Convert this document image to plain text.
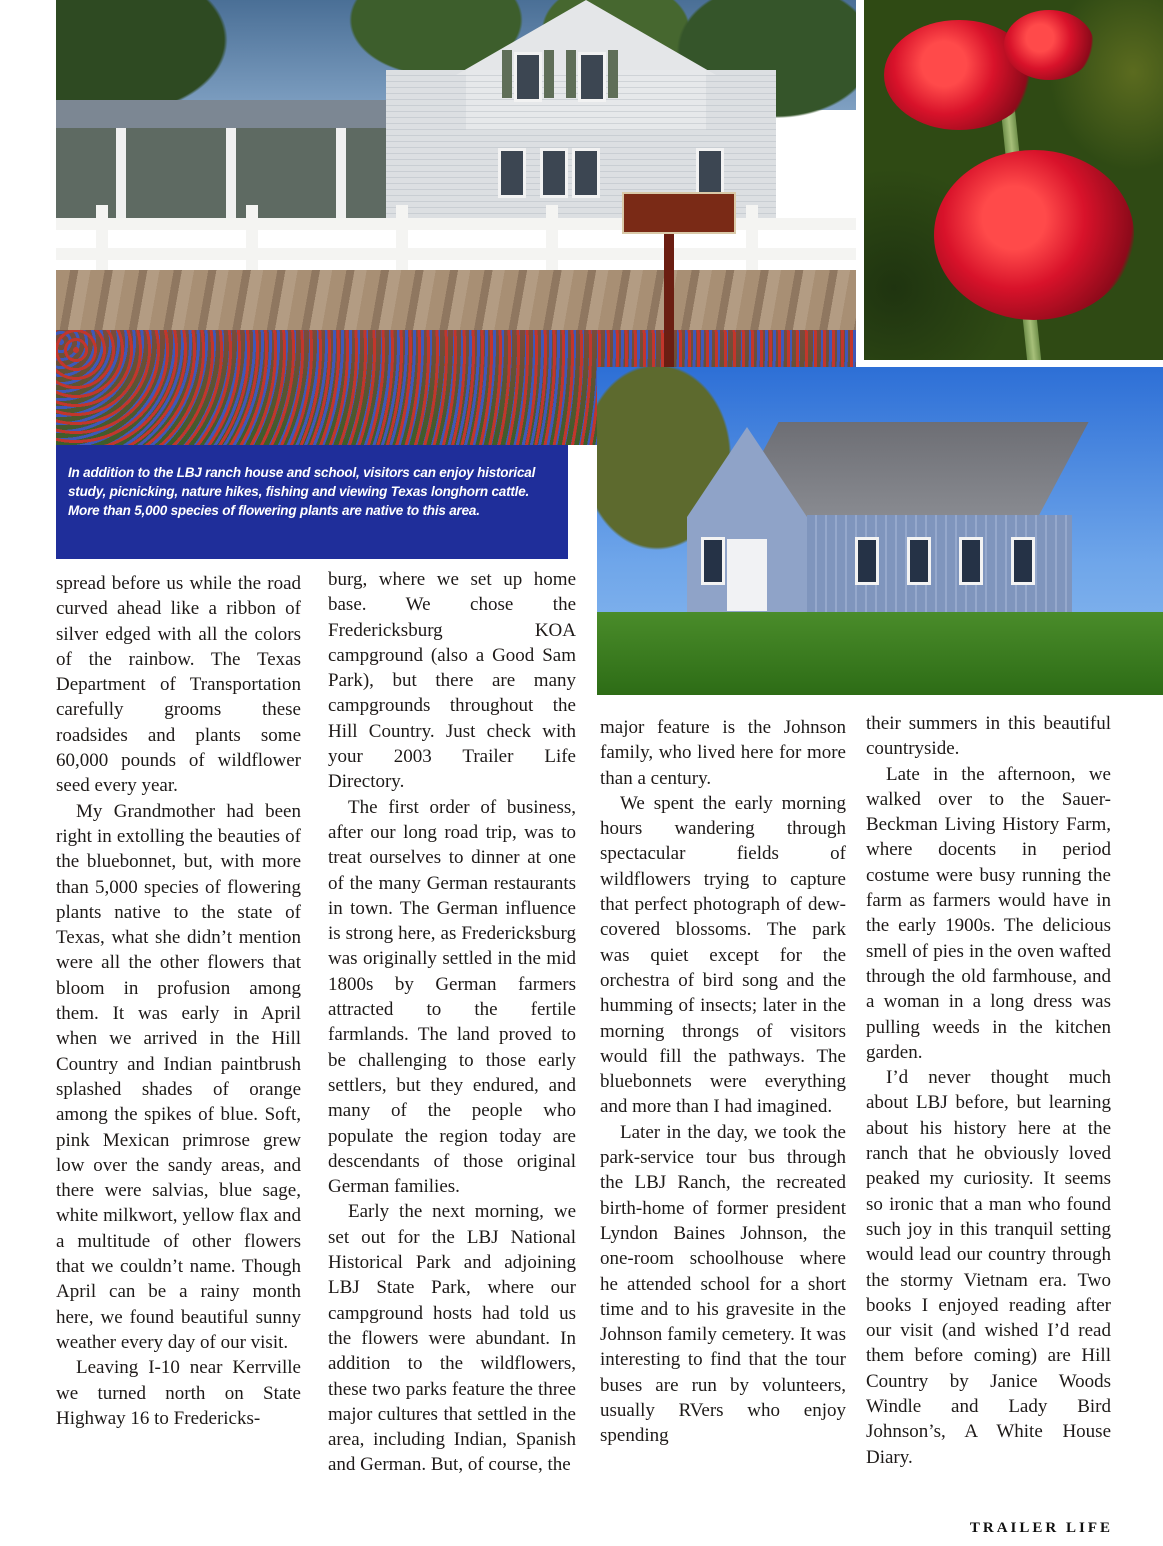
In addition to the LBJ ranch house and school, visitors can enjoy historical study, picnicking, nature hikes, fishing and viewing Texas longhorn cattle. More than 5,000 species of flowering plants are native to this area.

spread before us while the road curved ahead like a ribbon of silver edged with all the colors of the rainbow. The Texas Department of Transportation carefully grooms these roadsides and plants some 60,000 pounds of wildflower seed every year.

My Grandmother had been right in extolling the beauties of the bluebonnet, but, with more than 5,000 species of flowering plants native to the state of Texas, what she didn’t mention were all the other flowers that bloom in profusion among them. It was early in April when we arrived in the Hill Country and Indian paintbrush splashed shades of orange among the spikes of blue. Soft, pink Mexican primrose grew low over the sandy areas, and there were salvias, blue sage, white milkwort, yellow flax and a multitude of other flowers that we couldn’t name. Though April can be a rainy month here, we found beautiful sunny weather every day of our visit.

Leaving I-10 near Kerrville we turned north on State Highway 16 to Fredericks-

burg, where we set up home base. We chose the Fredericksburg KOA campground (also a Good Sam Park), but there are many campgrounds throughout the Hill Country. Just check with your 2003 Trailer Life Directory.

The first order of business, after our long road trip, was to treat ourselves to dinner at one of the many German restaurants in town. The German influence is strong here, as Fredericksburg was originally settled in the mid 1800s by German farmers attracted to the fertile farmlands. The land proved to be challenging to those early settlers, but they endured, and many of the people who populate the region today are descendants of those original German families.

Early the next morning, we set out for the LBJ National Historical Park and adjoining LBJ State Park, where our campground hosts had told us the flowers were abundant. In addition to the wildflowers, these two parks feature the three major cultures that settled in the area, including Indian, Spanish and German. But, of course, the

major feature is the Johnson family, who lived here for more than a century.

We spent the early morning hours wandering through spectacular fields of wildflowers trying to capture that perfect photograph of dew-covered blossoms. The park was quiet except for the orchestra of bird song and the humming of insects; later in the morning throngs of visitors would fill the pathways. The bluebonnets were everything and more than I had imagined.

Later in the day, we took the park-service tour bus through the LBJ Ranch, the recreated birth-home of former president Lyndon Baines Johnson, the one-room schoolhouse where he attended school for a short time and to his gravesite in the Johnson family cemetery. It was interesting to find that the tour buses are run by volunteers, usually RVers who enjoy spending

their summers in this beautiful countryside.

Late in the afternoon, we walked over to the Sauer-Beckman Living History Farm, where docents in period costume were busy running the farm as farmers would have in the early 1900s. The delicious smell of pies in the oven wafted through the old farmhouse, and a woman in a long dress was pulling weeds in the kitchen garden.

I’d never thought much about LBJ before, but learning about his history here at the ranch that he obviously loved peaked my curiosity. It seems so ironic that a man who found such joy in this tranquil setting would lead our country through the stormy Vietnam era. Two books I enjoyed reading after our visit (and wished I’d read them before coming) are Hill Country by Janice Woods Windle and Lady Bird Johnson’s, A White House Diary.

TRAILER LIFE
